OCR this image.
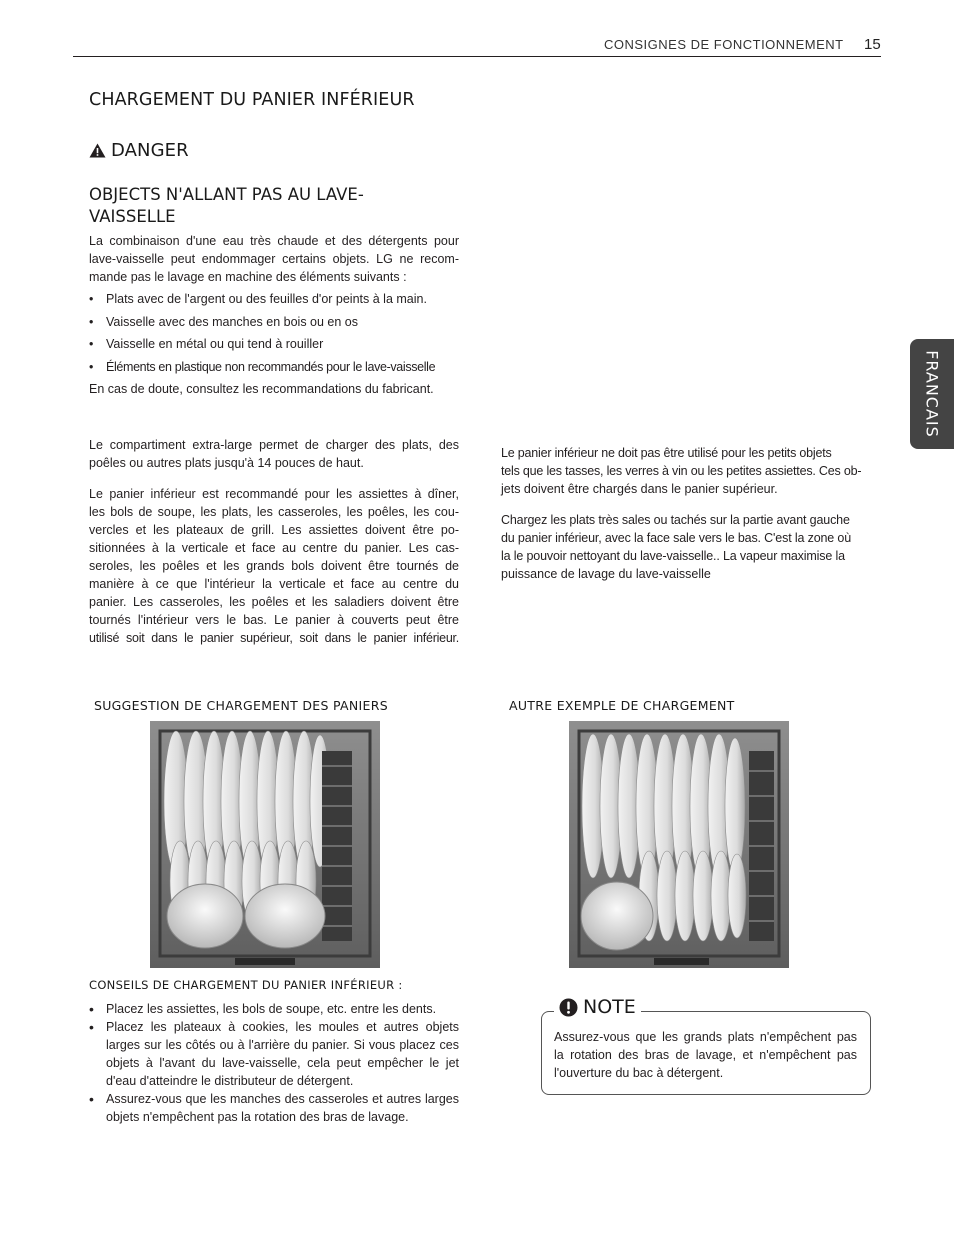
CONSIGNES DE FONCTIONNEMENT 15
FRANCAIS
CHARGEMENT DU PANIER INFÉRIEUR
DANGER
OBJECTS N'ALLANT PAS AU LAVE-
VAISSELLE
La combinaison d'une eau très chaude et des détergents pour
lave-vaisselle peut endommager certains objets. LG ne recom-
mande pas le lavage en machine des éléments suivants :
• Plats avec de l'argent ou des feuilles d'or peints à la main.
• Vaisselle avec des manches en bois ou en os
• Vaisselle en métal ou qui tend à rouiller
• Éléments en plastique non recommandés pour le lave-vaisselle
En cas de doute, consultez les recommandations du fabricant.
Le compartiment extra-large permet de charger des plats, des
poêles ou autres plats jusqu'à 14 pouces de haut.
Le panier inférieur est recommandé pour les assiettes à dîner,
les bols de soupe, les plats, les casseroles, les poêles, les cou-
vercles et les plateaux de grill. Les assiettes doivent être po-
sitionnées à la verticale et face au centre du panier. Les cas-
seroles, les poêles et les grands bols doivent être tournés de
manière à ce que l'intérieur la verticale et face au centre du
panier. Les casseroles, les poêles et les saladiers doivent être
tournés l'intérieur vers le bas. Le panier à couverts peut être
utilisé soit dans le panier supérieur, soit dans le panier inférieur.
Le panier inférieur ne doit pas être utilisé pour les petits objets
tels que les tasses, les verres à vin ou les petites assiettes. Ces ob-
jets doivent être chargés dans le panier supérieur.
Chargez les plats très sales ou tachés sur la partie avant gauche
du panier inférieur, avec la face sale vers le bas. C'est la zone où
la le pouvoir nettoyant du lave-vaisselle.. La vapeur maximise la
puissance de lavage du lave-vaisselle
SUGGESTION DE CHARGEMENT DES PANIERS	AUTRE EXEMPLE DE CHARGEMENT
CONSEILS DE CHARGEMENT DU PANIER INFÉRIEUR :
• Placez les assiettes, les bols de soupe, etc. entre les dents.
• Placez les plateaux à cookies, les moules et autres objets larges sur les côtés ou à l'arrière du panier. Si vous placez ces objets à l'avant du lave-vaisselle, cela peut empêcher le jet d'eau d'atteindre le distributeur de détergent.
• Assurez-vous que les manches des casseroles et autres larges objets n'empêchent pas la rotation des bras de lavage.
NOTE
Assurez-vous que les grands plats n'empêchent pas
la rotation des bras de lavage, et n'empêchent pas
l'ouverture du bac à détergent.
